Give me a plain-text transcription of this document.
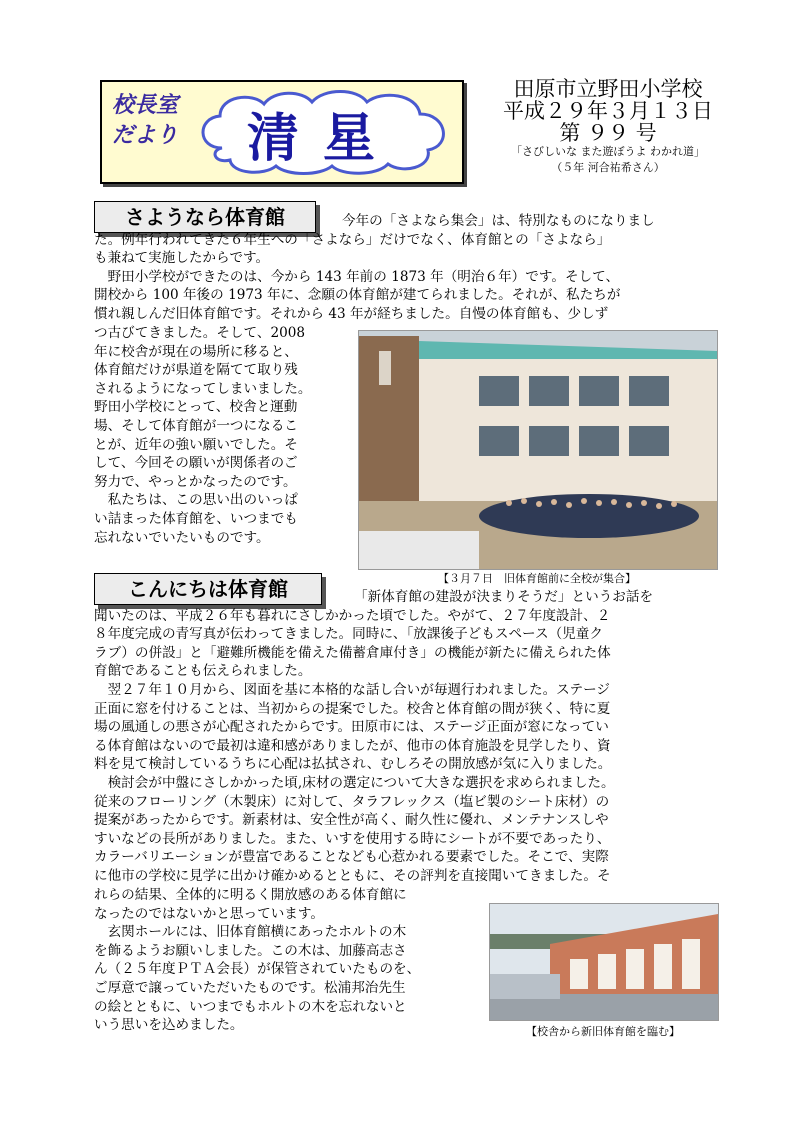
校長室
だより	清星
田原市立野田小学校
平成２９年３月１３日
第 ９９ 号
「さびしいな また遊ぼうよ わかれ道」
（５年 河合祐希さん）
さようなら体育館	今年の「さよなら集会」は、特別なものになりまし

た。例年行われてきた６年生への「さよなら」だけでなく、体育館との「さよなら」

も兼ねて実施したからです。

　野田小学校ができたのは、今から 143 年前の 1873 年（明治６年）です。そして、

開校から 100 年後の 1973 年に、念願の体育館が建てられました。それが、私たちが

慣れ親しんだ旧体育館です。それから 43 年が経ちました。自慢の体育館も、少しず

つ古びてきました。そして、2008

年に校舎が現在の場所に移ると、

体育館だけが県道を隔てて取り残

されるようになってしまいました。

野田小学校にとって、校舎と運動

場、そして体育館が一つになるこ

とが、近年の強い願いでした。そ

して、今回その願いが関係者のご

努力で、やっとかなったのです。

　私たちは、この思い出のいっぱ

い詰まった体育館を、いつまでも

忘れないでいたいものです。

【３月７日　旧体育館前に全校が集合】
こんにちは体育館	「新体育館の建設が決まりそうだ」というお話を

聞いたのは、平成２６年も暮れにさしかかった頃でした。やがて、２７年度設計、２

８年度完成の青写真が伝わってきました。同時に、「放課後子どもスペース（児童ク

ラブ）の併設」と「避難所機能を備えた備蓄倉庫付き」の機能が新たに備えられた体

育館であることも伝えられました。

　翌２７年１０月から、図面を基に本格的な話し合いが毎週行われました。ステージ

正面に窓を付けることは、当初からの提案でした。校舎と体育館の間が狭く、特に夏

場の風通しの悪さが心配されたからです。田原市には、ステージ正面が窓になってい

る体育館はないので最初は違和感がありましたが、他市の体育施設を見学したり、資

料を見て検討しているうちに心配は払拭され、むしろその開放感が気に入りました。

　検討会が中盤にさしかかった頃,床材の選定について大きな選択を求められました。

従来のフローリング（木製床）に対して、タラフレックス（塩ビ製のシート床材）の

提案があったからです。新素材は、安全性が高く、耐久性に優れ、メンテナンスしや

すいなどの長所がありました。また、いすを使用する時にシートが不要であったり、

カラーバリエーションが豊富であることなども心惹かれる要素でした。そこで、実際

に他市の学校に見学に出かけ確かめるとともに、その評判を直接聞いてきました。そ

れらの結果、全体的に明るく開放感のある体育館に

なったのではないかと思っています。

　玄関ホールには、旧体育館横にあったホルトの木

を飾るようお願いしました。この木は、加藤高志さ

ん（２５年度ＰＴＡ会長）が保管されていたものを、

ご厚意で譲っていただいたものです。松浦邦治先生

の絵とともに、いつまでもホルトの木を忘れないと

いう思いを込めました。	【校舎から新旧体育館を臨む】
